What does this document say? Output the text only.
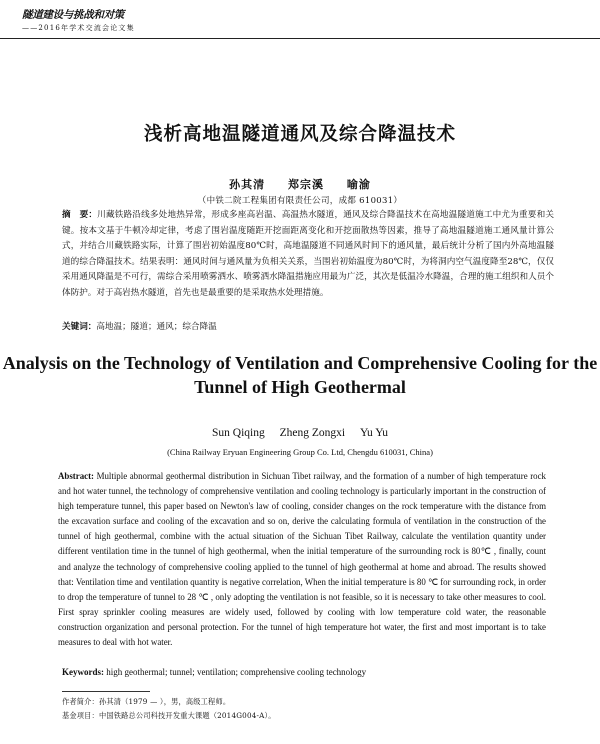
隧道建设与挑战和对策
——2016年学术交流会论文集
浅析高地温隧道通风及综合降温技术
孙其清 郑宗溪 喻渝
（中铁二院工程集团有限责任公司，成都 610031）
摘　要：川藏铁路沿线多处地热异常，形成多座高岩温、高温热水隧道，通风及综合降温技术在高地温隧道施工中尤为重要和关键。按本文基于牛顿冷却定律，考虑了围岩温度随距开挖面距离变化和开挖面散热等因素，推导了高地温隧道施工通风量计算公式，并结合川藏铁路实际，计算了围岩初始温度80℃时，高地温隧道不同通风时间下的通风量，最后统计分析了国内外高地温隧道的综合降温技术。结果表明：通风时间与通风量为负相关关系，当围岩初始温度为80℃时，为将洞内空气温度降至28℃，仅仅采用通风降温是不可行，需综合采用喷雾洒水、喷雾洒水降温措施应用最为广泛，其次是低温冷水降温，合理的施工组织和人员个体防护。对于高岩热水隧道，首先也是最重要的是采取热水处理措施。
关键词：高地温；隧道；通风；综合降温
Analysis on the Technology of Ventilation and Comprehensive Cooling for the Tunnel of High Geothermal
Sun Qiqing Zheng Zongxi Yu Yu
(China Railway Eryuan Engineering Group Co. Ltd, Chengdu 610031, China)
Abstract: Multiple abnormal geothermal distribution in Sichuan Tibet railway, and the formation of a number of high temperature rock and hot water tunnel, the technology of comprehensive ventilation and cooling technology is particularly important in the construction of high temperature tunnel, this paper based on Newton's law of cooling, consider changes on the rock temperature with the distance from the excavation surface and cooling of the excavation and so on, derive the calculating formula of ventilation in the construction of the tunnel of high geothermal, combine with the actual situation of the Sichuan Tibet Railway, calculate the ventilation quantity under different ventilation time in the tunnel of high geothermal, when the initial temperature of the surrounding rock is 80℃ , finally, count and analyze the technology of comprehensive cooling applied to the tunnel of high geothermal at home and abroad. The results showed that: Ventilation time and ventilation quantity is negative correlation, When the initial temperature is 80 ℃ for surrounding rock, in order to drop the temperature of tunnel to 28 ℃ , only adopting the ventilation is not feasible, so it is necessary to take other measures to cool. First spray sprinkler cooling measures are widely used, followed by cooling with low temperature cold water, the reasonable construction organization and personal protection. For the tunnel of high temperature hot water, the first and most important is to take measures to deal with hot water.
Keywords: high geothermal; tunnel; ventilation; comprehensive cooling technology
作者简介：孙其清（1979 — ），男，高级工程师。
基金项目：中国铁路总公司科技开发重大课题（2014G004-A）。
